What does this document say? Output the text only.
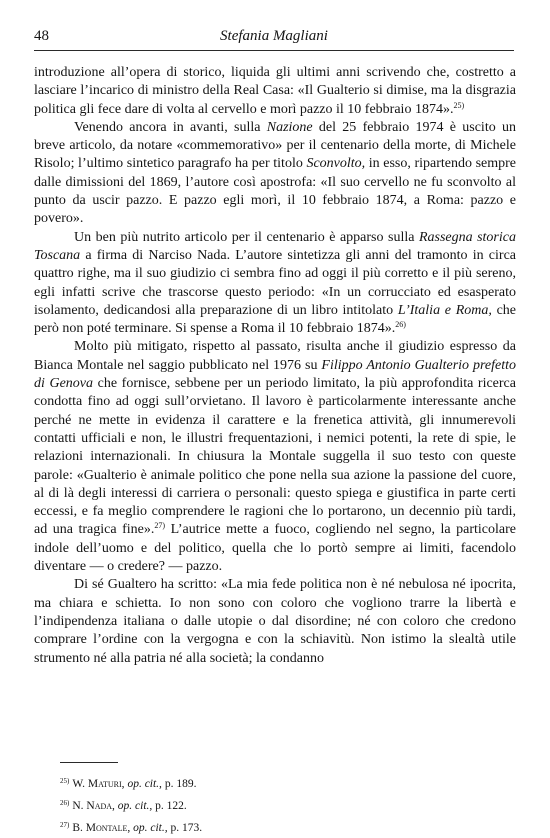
48	Stefania Magliani

introduzione all’opera di storico, liquida gli ultimi anni scrivendo che, costretto a lasciare l’incarico di ministro della Real Casa: «Il Gualterio si dimise, ma la disgrazia politica gli fece dare di volta al cervello e morì pazzo il 10 febbraio 1874».$^{25)}$

Venendo ancora in avanti, sulla Nazione del 25 febbraio 1974 è uscito un breve articolo, da notare «commemorativo» per il centenario della morte, di Michele Risolo; l’ultimo sintetico paragrafo ha per titolo Sconvolto, in esso, ripartendo sempre dalle dimissioni del 1869, l’autore così apostrofa: «Il suo cervello ne fu sconvolto al punto da uscir pazzo. E pazzo egli morì, il 10 febbraio 1874, a Roma: pazzo e povero».

Un ben più nutrito articolo per il centenario è apparso sulla Rassegna storica Toscana a firma di Narciso Nada. L’autore sintetizza gli anni del tramonto in circa quattro righe, ma il suo giudizio ci sembra fino ad oggi il più corretto e il più sereno, egli infatti scrive che trascorse questo periodo: «In un corrucciato ed esasperato isolamento, dedicandosi alla preparazione di un libro intitolato L’Italia e Roma, che però non poté terminare. Si spense a Roma il 10 febbraio 1874».$^{26)}$

Molto più mitigato, rispetto al passato, risulta anche il giudizio espresso da Bianca Montale nel saggio pubblicato nel 1976 su Filippo Antonio Gualterio prefetto di Genova che fornisce, sebbene per un periodo limitato, la più approfondita ricerca condotta fino ad oggi sull’orvietano. Il lavoro è particolarmente interessante anche perché ne mette in evidenza il carattere e la frenetica attività, gli innumerevoli contatti ufficiali e non, le illustri frequentazioni, i nemici potenti, la rete di spie, le relazioni internazionali. In chiusura la Montale suggella il suo testo con queste parole: «Gualterio è animale politico che pone nella sua azione la passione del cuore, al di là degli interessi di carriera o personali: questo spiega e giustifica in parte certi eccessi, e fa meglio comprendere le ragioni che lo portarono, un decennio più tardi, ad una tragica fine».$^{27)}$ L’autrice mette a fuoco, cogliendo nel segno, la particolare indole dell’uomo e del politico, quella che lo portò sempre ai limiti, facendolo diventare — o credere? — pazzo.

Di sé Gualtero ha scritto: «La mia fede politica non è né nebulosa né ipocrita, ma chiara e schietta. Io non sono con coloro che vogliono trarre la libertà e l’indipendenza italiana o dalle utopie o dal disordine; né con coloro che credono comprare l’ordine con la vergogna e con la schiavitù. Non istimo la slealtà utile strumento né alla patria né alla società; la condanno

$^{25)}$ W. Maturi, op. cit., p. 189.
$^{26)}$ N. Nada, op. cit., p. 122.
$^{27)}$ B. Montale, op. cit., p. 173.
